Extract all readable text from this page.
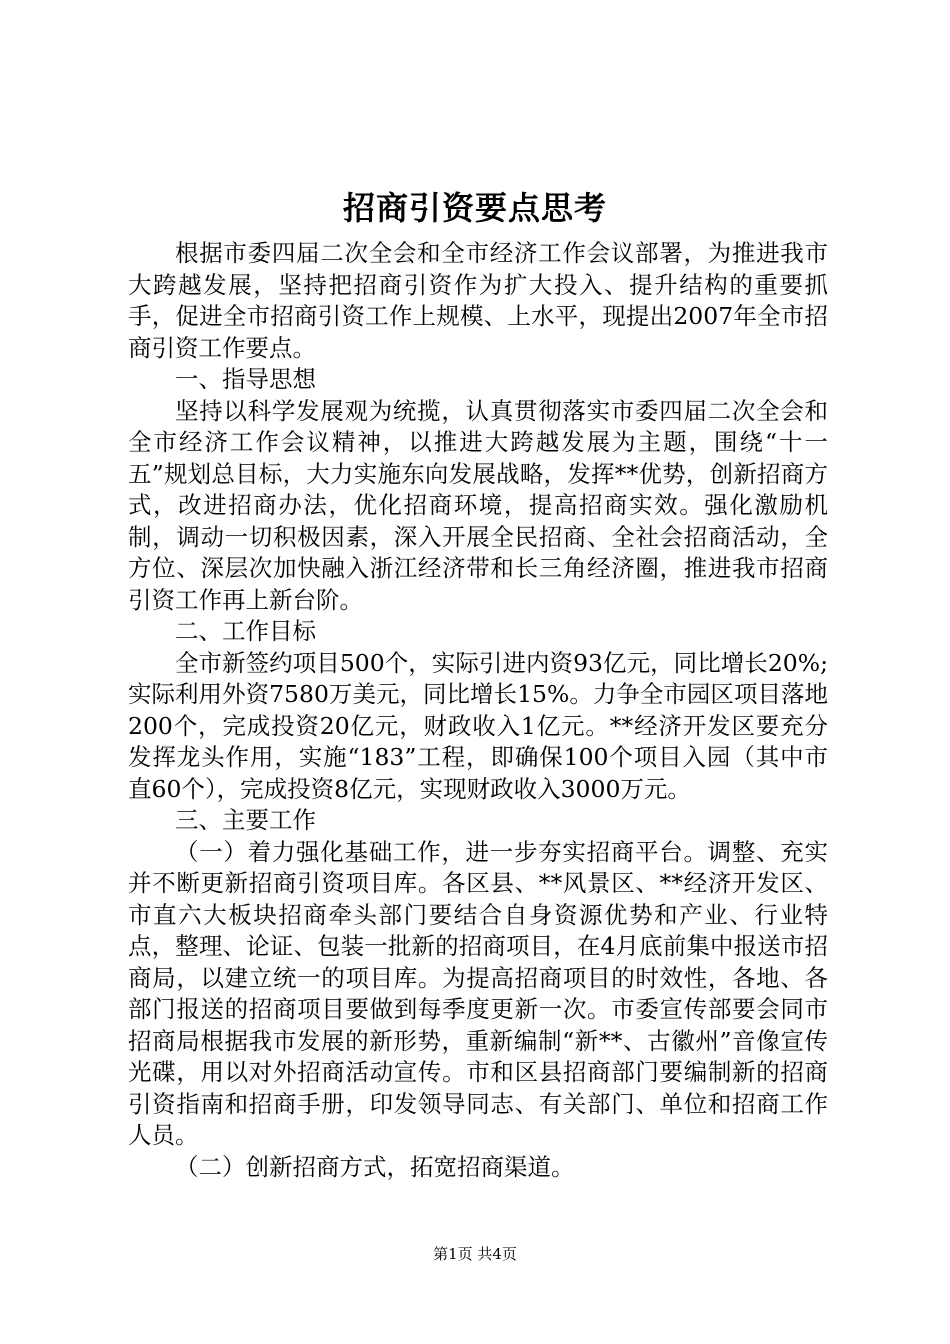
招商引资要点思考

根据市委四届二次全会和全市经济工作会议部署，为推进我市大跨越发展，坚持把招商引资作为扩大投入、提升结构的重要抓手，促进全市招商引资工作上规模、上水平，现提出2007年全市招商引资工作要点。

一、指导思想

坚持以科学发展观为统揽，认真贯彻落实市委四届二次全会和全市经济工作会议精神，以推进大跨越发展为主题，围绕“十一五”规划总目标，大力实施东向发展战略，发挥**优势，创新招商方式，改进招商办法，优化招商环境，提高招商实效。强化激励机制，调动一切积极因素，深入开展全民招商、全社会招商活动，全方位、深层次加快融入浙江经济带和长三角经济圈，推进我市招商引资工作再上新台阶。

二、工作目标

全市新签约项目500个，实际引进内资93亿元，同比增长20%;实际利用外资7580万美元，同比增长15%。力争全市园区项目落地200个，完成投资20亿元，财政收入1亿元。**经济开发区要充分发挥龙头作用，实施“183”工程，即确保100个项目入园（其中市直60个），完成投资8亿元，实现财政收入3000万元。

三、主要工作

（一）着力强化基础工作，进一步夯实招商平台。调整、充实并不断更新招商引资项目库。各区县、**风景区、**经济开发区、市直六大板块招商牵头部门要结合自身资源优势和产业、行业特点，整理、论证、包装一批新的招商项目，在4月底前集中报送市招商局，以建立统一的项目库。为提高招商项目的时效性，各地、各部门报送的招商项目要做到每季度更新一次。市委宣传部要会同市招商局根据我市发展的新形势，重新编制“新**、古徽州”音像宣传光碟，用以对外招商活动宣传。市和区县招商部门要编制新的招商引资指南和招商手册，印发领导同志、有关部门、单位和招商工作人员。

（二）创新招商方式，拓宽招商渠道。

第1页 共4页
